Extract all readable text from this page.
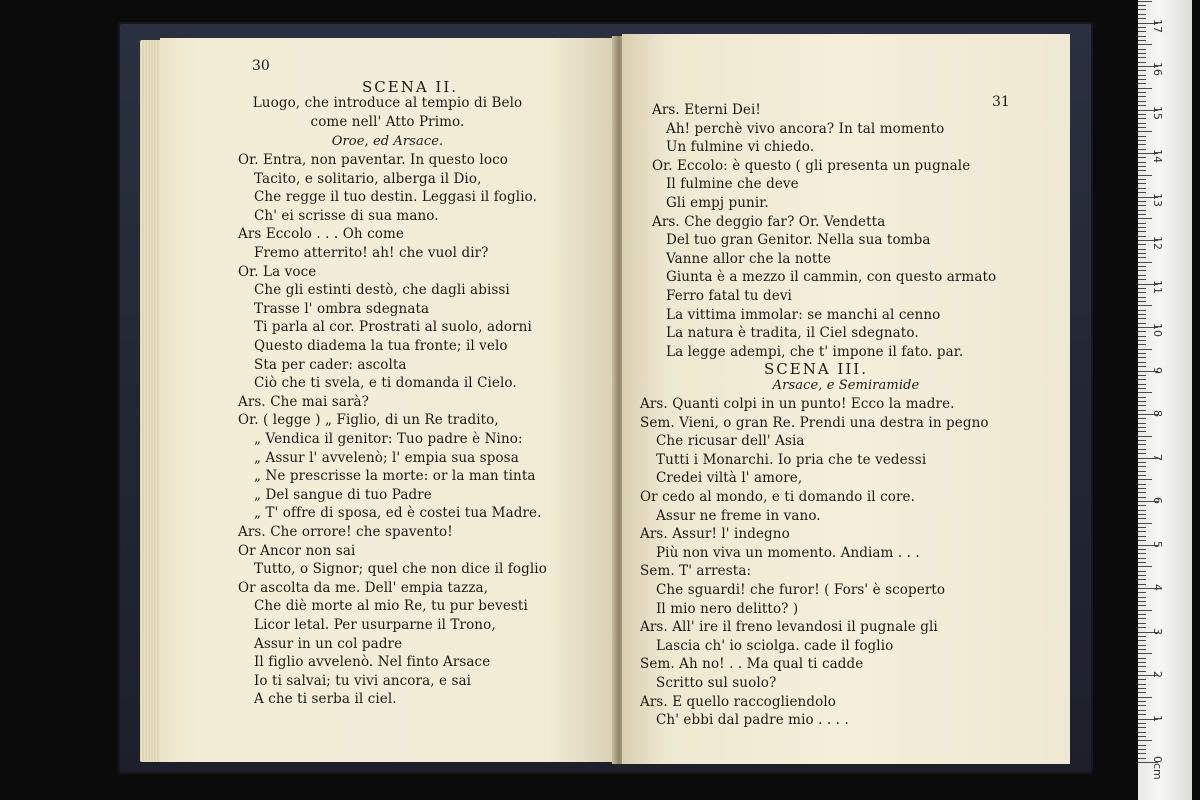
30
SCENA II.
Luogo, che introduce al tempio di Belo
come nell' Atto Primo.
Oroe, ed Arsace.
Or. Entra, non paventar. In questo loco
Tacito, e solitario, alberga il Dio,
Che regge il tuo destin. Leggasi il foglio.
Ch' ei scrisse di sua mano.
Ars Eccolo . . . Oh come
Fremo atterrito! ah! che vuol dir?
Or. La voce
Che gli estinti destò, che dagli abissi
Trasse l' ombra sdegnata
Ti parla al cor. Prostrati al suolo, adorni
Questo diadema la tua fronte; il velo
Sta per cader: ascolta
Ciò che ti svela, e ti domanda il Cielo.
Ars. Che mai sarà?
Or. ( legge ) „ Figlio, di un Re tradito,
„ Vendica il genitor: Tuo padre è Nino:
„ Assur l' avvelenò; l' empia sua sposa
„ Ne prescrisse la morte: or la man tinta
„ Del sangue di tuo Padre
„ T' offre di sposa, ed è costei tua Madre.
Ars. Che orrore! che spavento!
Or Ancor non sai
Tutto, o Signor; quel che non dice il foglio
Or ascolta da me. Dell' empia tazza,
Che diè morte al mio Re, tu pur bevesti
Licor letal. Per usurparne il Trono,
Assur in un col padre
Il figlio avvelenò. Nel finto Arsace
Io ti salvai; tu vivi ancora, e sai
A che ti serba il ciel.
31
Ars. Eterni Dei!
Ah! perchè vivo ancora? In tal momento
Un fulmine vi chiedo.
Or. Eccolo: è questo ( gli presenta un pugnale
Il fulmine che deve
Gli empj punir.
Ars. Che deggio far? Or. Vendetta
Del tuo gran Genitor. Nella sua tomba
Vanne allor che la notte
Giunta è a mezzo il cammin, con questo armato
Ferro fatal tu devi
La vittima immolar: se manchi al cenno
La natura è tradita, il Ciel sdegnato.
La legge adempi, che t' impone il fato. par.
SCENA III.
Arsace, e Semiramide
Ars. Quanti colpi in un punto! Ecco la madre.
Sem. Vieni, o gran Re. Prendi una destra in pegno
Che ricusar dell' Asia
Tutti i Monarchi. Io pria che te vedessi
Credei viltà l' amore,
Or cedo al mondo, e ti domando il core.
Assur ne freme in vano.
Ars. Assur! l' indegno
Più non viva un momento. Andiam . . .
Sem. T' arresta:
Che sguardi! che furor! ( Fors' è scoperto
Il mio nero delitto? )
Ars. All' ire il freno levandosi il pugnale gli
Lascia ch' io sciolga. cade il foglio
Sem. Ah no! . . Ma qual ti cadde
Scritto sul suolo?
Ars. E quello raccogliendolo
Ch' ebbi dal padre mio . . . .	1
2
3
4
5
6
7
8
9
10
11
12
13
14
15
16
17
0cm
